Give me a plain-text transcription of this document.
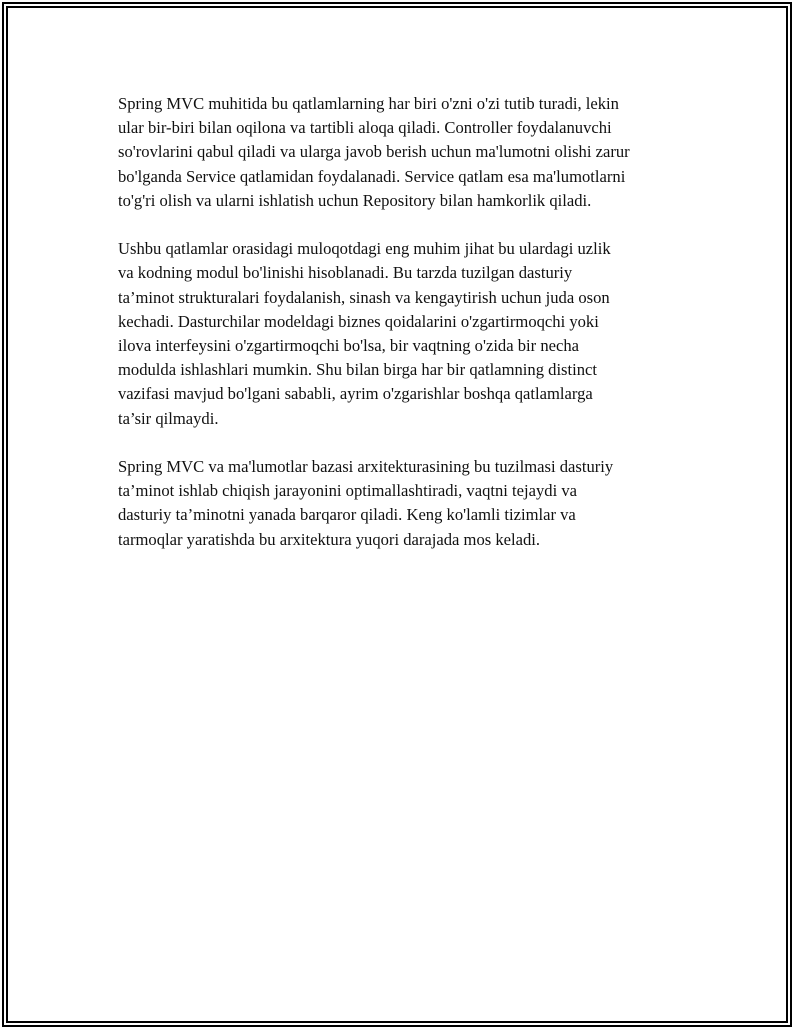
Spring MVC muhitida bu qatlamlarning har biri o'zni o'zi tutib turadi, lekin
ular bir-biri bilan oqilona va tartibli aloqa qiladi. Controller foydalanuvchi
so'rovlarini qabul qiladi va ularga javob berish uchun ma'lumotni olishi zarur
bo'lganda Service qatlamidan foydalanadi. Service qatlam esa ma'lumotlarni
to'g'ri olish va ularni ishlatish uchun Repository bilan hamkorlik qiladi.

Ushbu qatlamlar orasidagi muloqotdagi eng muhim jihat bu ulardagi uzlik
va kodning modul bo'linishi hisoblanadi. Bu tarzda tuzilgan dasturiy
ta’minot strukturalari foydalanish, sinash va kengaytirish uchun juda oson
kechadi. Dasturchilar modeldagi biznes qoidalarini o'zgartirmoqchi yoki
ilova interfeysini o'zgartirmoqchi bo'lsa, bir vaqtning o'zida bir necha
modulda ishlashlari mumkin. Shu bilan birga har bir qatlamning distinct
vazifasi mavjud bo'lgani sababli, ayrim o'zgarishlar boshqa qatlamlarga
ta’sir qilmaydi.

Spring MVC va ma'lumotlar bazasi arxitekturasining bu tuzilmasi dasturiy
ta’minot ishlab chiqish jarayonini optimallashtiradi, vaqtni tejaydi va
dasturiy ta’minotni yanada barqaror qiladi. Keng ko'lamli tizimlar va
tarmoqlar yaratishda bu arxitektura yuqori darajada mos keladi.
